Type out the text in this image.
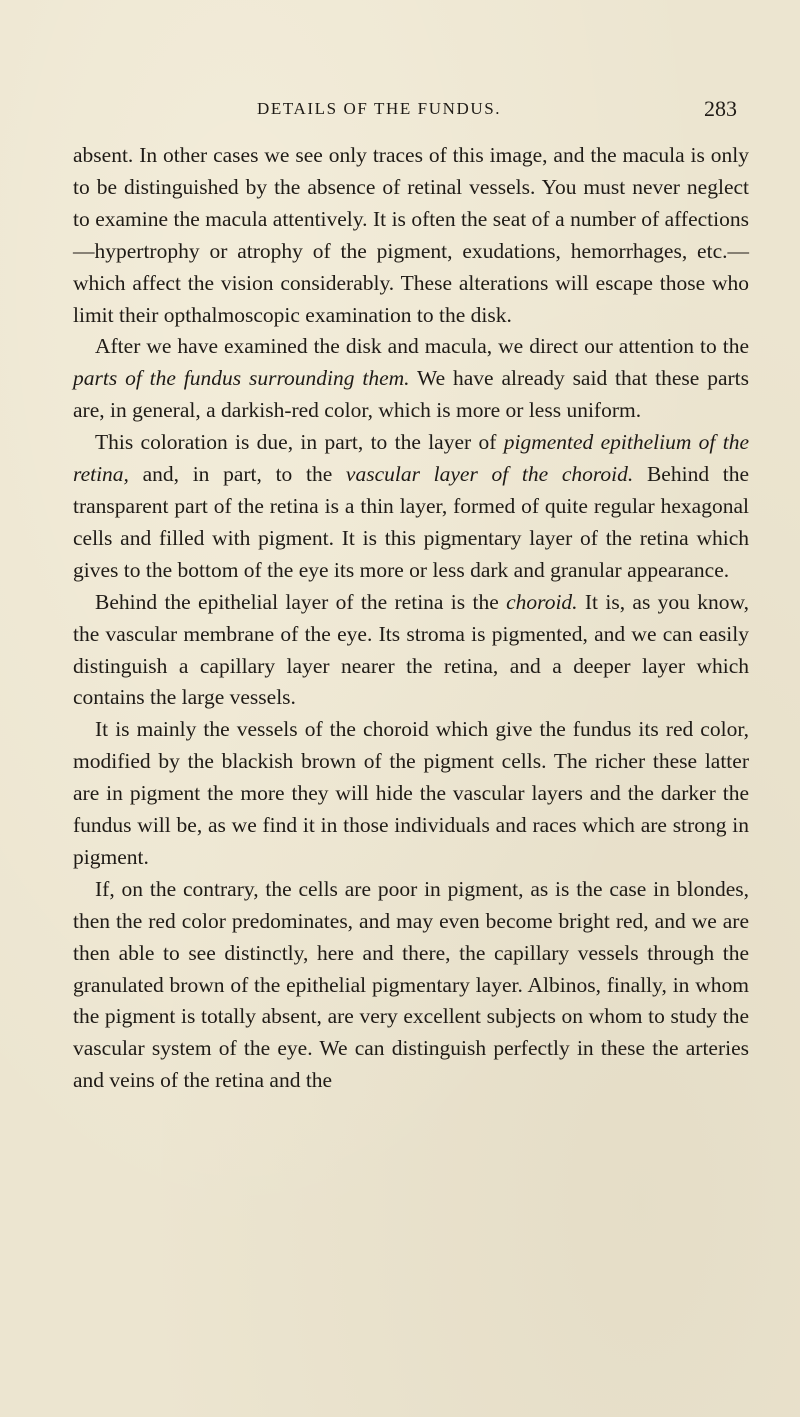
DETAILS OF THE FUNDUS.	283

absent. In other cases we see only traces of this image, and the macula is only to be distinguished by the absence of retinal vessels. You must never neglect to examine the macula attentively. It is often the seat of a number of affections—hypertrophy or atrophy of the pigment, exudations, hemorrhages, etc.—which affect the vision considerably. These alterations will escape those who limit their opthalmoscopic examination to the disk.

After we have examined the disk and macula, we direct our attention to the parts of the fundus surrounding them. We have already said that these parts are, in general, a darkish-red color, which is more or less uniform.

This coloration is due, in part, to the layer of pigmented epithelium of the retina, and, in part, to the vascular layer of the choroid. Behind the transparent part of the retina is a thin layer, formed of quite regular hexagonal cells and filled with pigment. It is this pigmentary layer of the retina which gives to the bottom of the eye its more or less dark and granular appearance.

Behind the epithelial layer of the retina is the choroid. It is, as you know, the vascular membrane of the eye. Its stroma is pigmented, and we can easily distinguish a capillary layer nearer the retina, and a deeper layer which contains the large vessels.

It is mainly the vessels of the choroid which give the fundus its red color, modified by the blackish brown of the pigment cells. The richer these latter are in pigment the more they will hide the vascular layers and the darker the fundus will be, as we find it in those individuals and races which are strong in pigment.

If, on the contrary, the cells are poor in pigment, as is the case in blondes, then the red color predominates, and may even become bright red, and we are then able to see distinctly, here and there, the capillary vessels through the granulated brown of the epithelial pigmentary layer. Albinos, finally, in whom the pigment is totally absent, are very excellent subjects on whom to study the vascular system of the eye. We can distinguish perfectly in these the arteries and veins of the retina and the
